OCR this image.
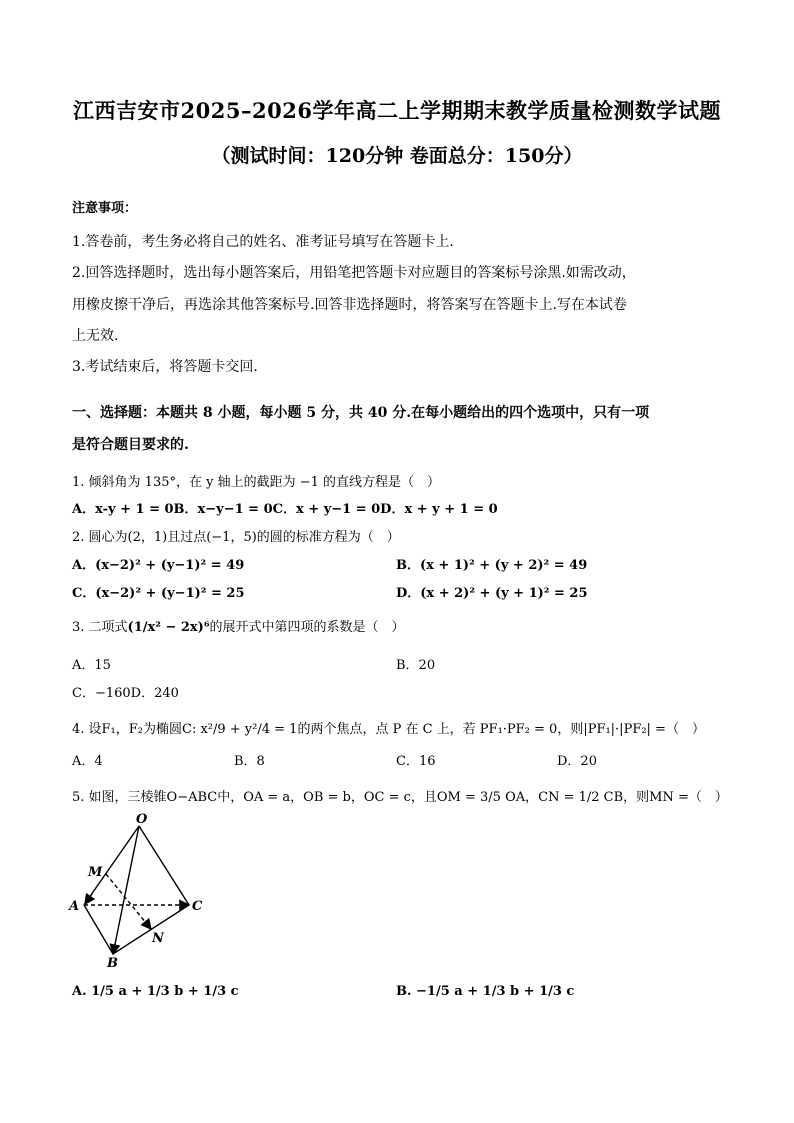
江西吉安市2025–2026学年高二上学期期末教学质量检测数学试题
（测试时间：120分钟 卷面总分：150分）
注意事项：
1.答卷前，考生务必将自己的姓名、准考证号填写在答题卡上.
2.回答选择题时，选出每小题答案后，用铅笔把答题卡对应题目的答案标号涂黑.如需改动，
用橡皮擦干净后，再选涂其他答案标号.回答非选择题时，将答案写在答题卡上.写在本试卷
上无效.
3.考试结束后，将答题卡交回.
一、选择题：本题共 8 小题，每小题 5 分，共 40 分.在每小题给出的四个选项中，只有一项
是符合题目要求的.
1. 倾斜角为 135°，在 y 轴上的截距为 −1 的直线方程是（　）
A．x-y + 1 = 0B．x−y−1 = 0C．x + y−1 = 0D．x + y + 1 = 0
2. 圆心为(2，1)且过点(−1，5)的圆的标准方程为（　）
A．(x−2)² + (y−1)² = 49	B．(x + 1)² + (y + 2)² = 49
C．(x−2)² + (y−1)² = 25	D．(x + 2)² + (y + 1)² = 25
3. 二项式(1/x² − 2x)⁶的展开式中第四项的系数是（　）
A．15	B．20
C．−160D．240
4. 设F₁，F₂为椭圆C: x²/9 + y²/4 = 1的两个焦点，点 P 在 C 上，若 PF₁·PF₂ = 0，则|PF₁|·|PF₂| =（　）
A．4	B．8	C．16	D．20
5. 如图，三棱锥O−ABC中，OA = a，OB = b，OC = c，且OM = 3/5 OA，CN = 1/2 CB，则MN =（　）
O
M
A	C
N
B
A. 1/5 a + 1/3 b + 1/3 c	B. −1/5 a + 1/3 b + 1/3 c
